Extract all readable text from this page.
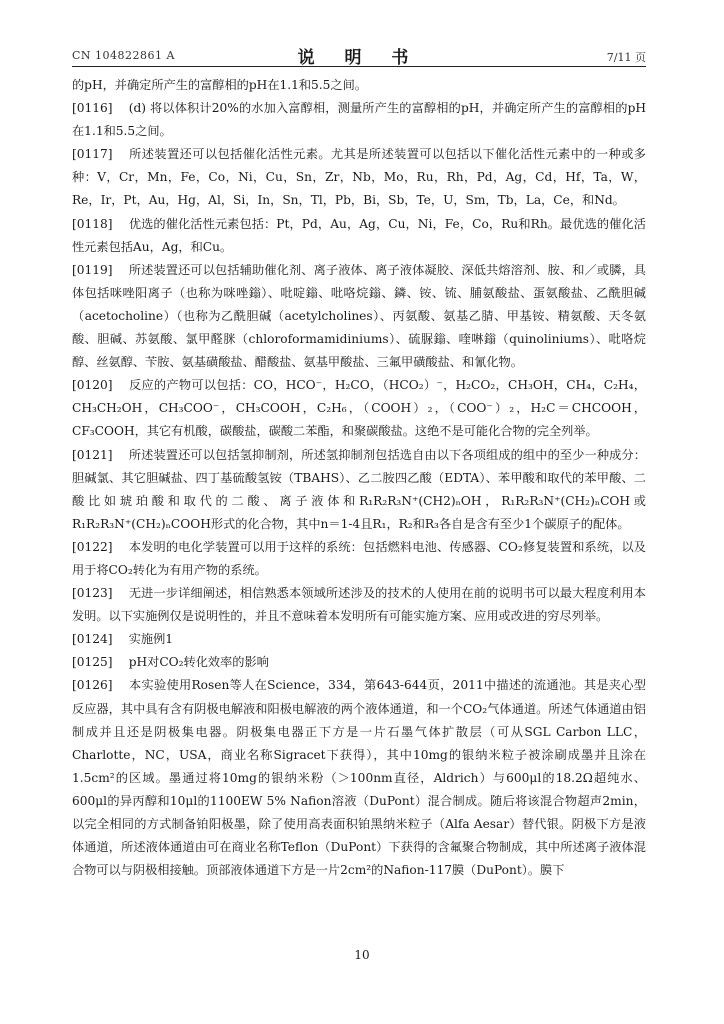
CN 104822861 A	说 明 书	7/11 页
的pH，并确定所产生的富醇相的pH在1.1和5.5之间。
[0116]  (d) 将以体积计20%的水加入富醇相，测量所产生的富醇相的pH，并确定所产生的富醇相的pH在1.1和5.5之间。
[0117]  所述装置还可以包括催化活性元素。尤其是所述装置可以包括以下催化活性元素中的一种或多种：V，Cr，Mn，Fe，Co，Ni，Cu，Sn，Zr，Nb，Mo，Ru，Rh，Pd，Ag，Cd，Hf，Ta，W，Re，Ir，Pt，Au，Hg，Al，Si，In，Sn，Tl，Pb，Bi，Sb，Te，U，Sm，Tb，La，Ce，和Nd。
[0118]  优选的催化活性元素包括：Pt，Pd，Au，Ag，Cu，Ni，Fe，Co，Ru和Rh。最优选的催化活性元素包括Au，Ag，和Cu。
[0119]  所述装置还可以包括辅助催化剂、离子液体、离子液体凝胶、深低共熔溶剂、胺、和／或膦，具体包括咪唑阳离子（也称为咪唑鎓）、吡啶鎓、吡咯烷鎓、鏻、铵、锍、脯氨酸盐、蛋氨酸盐、乙酰胆碱（acetocholine）（也称为乙酰胆碱（acetylcholines）、丙氨酸、氨基乙腈、甲基铵、精氨酸、天冬氨酸、胆碱、苏氨酸、氯甲醛脒（chloroformamidiniums）、硫脲鎓、喹啉鎓（quinoliniums）、吡咯烷醇、丝氨醇、苄胺、氨基磺酸盐、醋酸盐、氨基甲酸盐、三氟甲磺酸盐、和氰化物。
[0120]  反应的产物可以包括：CO，HCO⁻，H₂CO，（HCO₂）⁻，H₂CO₂，CH₃OH，CH₄，C₂H₄，CH₃CH₂OH，CH₃COO⁻，CH₃COOH，C₂H₆，（COOH）₂，（COO⁻）₂，H₂C＝CHCOOH，CF₃COOH，其它有机酸，碳酸盐，碳酸二苯酯，和聚碳酸盐。这绝不是可能化合物的完全列举。
[0121]  所述装置还可以包括氢抑制剂，所述氢抑制剂包括选自由以下各项组成的组中的至少一种成分：胆碱氯、其它胆碱盐、四丁基硫酸氢铵（TBAHS）、乙二胺四乙酸（EDTA）、苯甲酸和取代的苯甲酸、二酸比如琥珀酸和取代的二酸、离子液体和R₁R₂R₃N⁺(CH2)ₙOH，R₁R₂R₃N⁺(CH₂)ₙCOH或R₁R₂R₃N⁺(CH₂)ₙCOOH形式的化合物，其中n＝1-4且R₁，R₂和R₃各自是含有至少1个碳原子的配体。
[0122]  本发明的电化学装置可以用于这样的系统：包括燃料电池、传感器、CO₂修复装置和系统，以及用于将CO₂转化为有用产物的系统。
[0123]  无进一步详细阐述，相信熟悉本领域所述涉及的技术的人使用在前的说明书可以最大程度利用本发明。以下实施例仅是说明性的，并且不意味着本发明所有可能实施方案、应用或改进的穷尽列举。
[0124]  实施例1
[0125]  pH对CO₂转化效率的影响
[0126]  本实验使用Rosen等人在Science，334，第643-644页，2011中描述的流通池。其是夹心型反应器，其中具有含有阴极电解液和阳极电解液的两个液体通道，和一个CO₂气体通道。所述气体通道由铝制成并且还是阴极集电器。阴极集电器正下方是一片石墨气体扩散层（可从SGL Carbon LLC，Charlotte，NC，USA，商业名称Sigracet下获得），其中10mg的银纳米粒子被涂刷成墨并且涂在1.5cm²的区域。墨通过将10mg的银纳米粉（＞100nm直径，Aldrich）与600μl的18.2Ω超纯水、600μl的异丙醇和10μl的1100EW 5% Nafion溶液（DuPont）混合制成。随后将该混合物超声2min，以完全相同的方式制备铂阳极墨，除了使用高表面积铂黑纳米粒子（Alfa Aesar）替代银。阴极下方是液体通道，所述液体通道由可在商业名称Teflon（DuPont）下获得的含氟聚合物制成，其中所述离子液体混合物可以与阴极相接触。顶部液体通道下方是一片2cm²的Nafion-117膜（DuPont）。膜下
10
